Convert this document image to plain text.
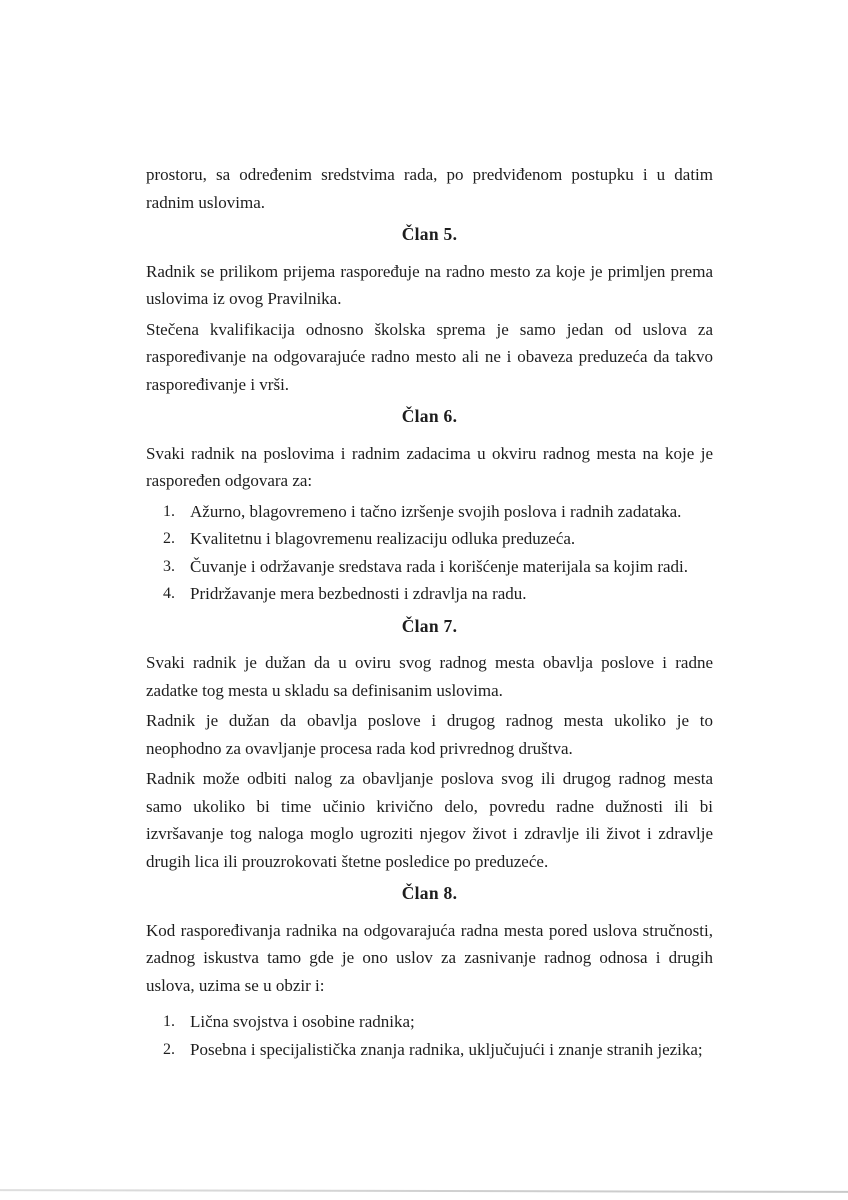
prostoru, sa određenim sredstvima rada, po predviđenom postupku i u datim radnim uslovima.

Član 5.

Radnik se prilikom prijema raspoređuje na radno mesto za koje je primljen prema uslovima iz ovog Pravilnika.

Stečena kvalifikacija odnosno školska sprema je samo jedan od uslova za raspoređivanje na odgovarajuće radno mesto ali ne i obaveza preduzeća da takvo raspoređivanje i vrši.

Član 6.

Svaki radnik na poslovima i radnim zadacima u okviru radnog mesta na koje je raspoređen odgovara za:

1. Ažurno, blagovremeno i tačno izršenje svojih poslova i radnih zadataka.
2. Kvalitetnu i blagovremenu realizaciju odluka preduzeća.
3. Čuvanje i održavanje sredstava rada i korišćenje materijala sa kojim radi.
4. Pridržavanje mera bezbednosti i zdravlja na radu.
Član 7.

Svaki radnik je dužan da u oviru svog radnog mesta obavlja poslove i radne zadatke tog mesta u skladu sa definisanim uslovima.

Radnik je dužan da obavlja poslove i drugog radnog mesta ukoliko je to neophodno za ovavljanje procesa rada kod privrednog društva.

Radnik može odbiti nalog za obavljanje poslova svog ili drugog radnog mesta samo ukoliko bi time učinio krivično delo, povredu radne dužnosti ili bi izvršavanje tog naloga moglo ugroziti njegov život i zdravlje ili život i zdravlje drugih lica ili prouzrokovati štetne posledice po preduzeće.

Član 8.

Kod raspoređivanja radnika na odgovarajuća radna mesta pored uslova stručnosti, zadnog iskustva tamo gde je ono uslov za zasnivanje radnog odnosa i drugih uslova, uzima se u obzir i:

1. Lična svojstva i osobine radnika;
2. Posebna i specijalistička znanja radnika, uključujući i znanje stranih jezika;
